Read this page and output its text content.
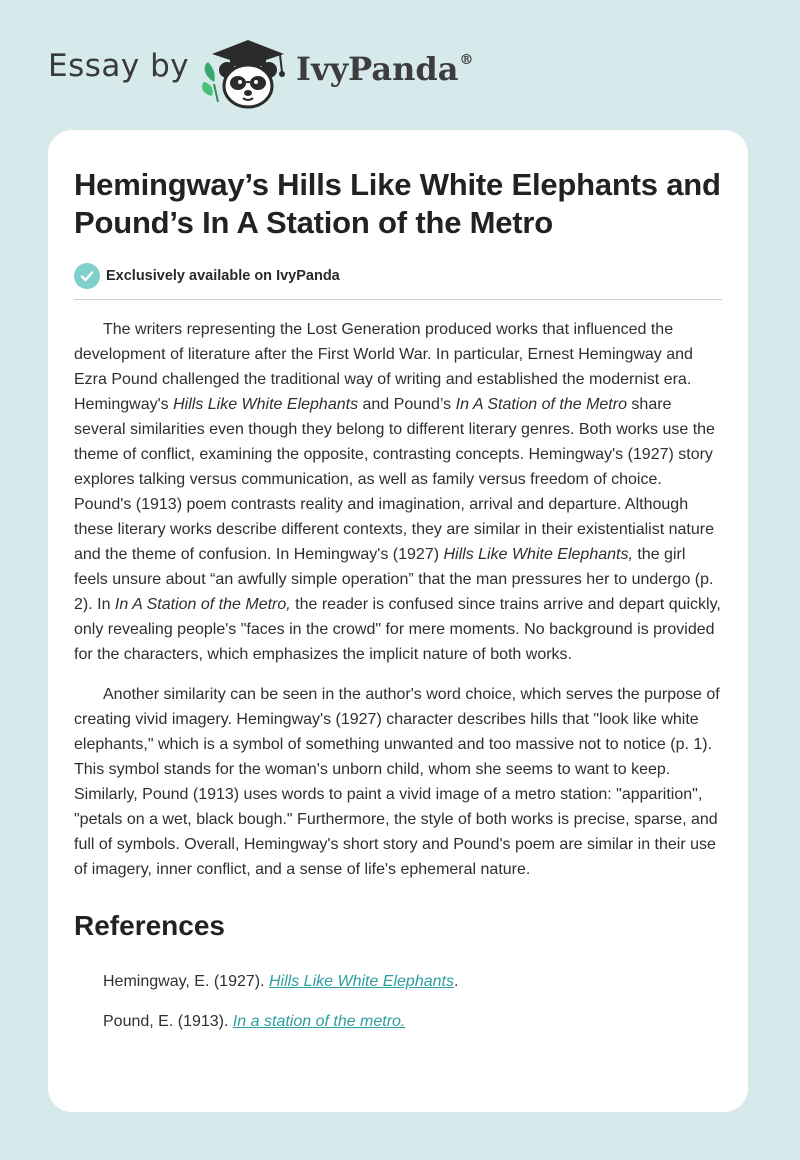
Essay by	IvyPanda®
Hemingway’s Hills Like White Elephants and Pound’s In A Station of the Metro
Exclusively available on IvyPanda

The writers representing the Lost Generation produced works that influenced the development of literature after the First World War. In particular, Ernest Hemingway and Ezra Pound challenged the traditional way of writing and established the modernist era. Hemingway's Hills Like White Elephants and Pound’s In A Station of the Metro share several similarities even though they belong to different literary genres. Both works use the theme of conflict, examining the opposite, contrasting concepts. Hemingway's (1927) story explores talking versus communication, as well as family versus freedom of choice. Pound's (1913) poem contrasts reality and imagination, arrival and departure. Although these literary works describe different contexts, they are similar in their existentialist nature and the theme of confusion. In Hemingway's (1927) Hills Like White Elephants, the girl feels unsure about “an awfully simple operation” that the man pressures her to undergo (p. 2). In In A Station of the Metro, the reader is confused since trains arrive and depart quickly, only revealing people's "faces in the crowd" for mere moments. No background is provided for the characters, which emphasizes the implicit nature of both works.

Another similarity can be seen in the author's word choice, which serves the purpose of creating vivid imagery. Hemingway's (1927) character describes hills that "look like white elephants," which is a symbol of something unwanted and too massive not to notice (p. 1). This symbol stands for the woman's unborn child, whom she seems to want to keep. Similarly, Pound (1913) uses words to paint a vivid image of a metro station: "apparition", "petals on a wet, black bough." Furthermore, the style of both works is precise, sparse, and full of symbols. Overall, Hemingway's short story and Pound's poem are similar in their use of imagery, inner conflict, and a sense of life's ephemeral nature.

References

Hemingway, E. (1927). Hills Like White Elephants.

Pound, E. (1913). In a station of the metro.
